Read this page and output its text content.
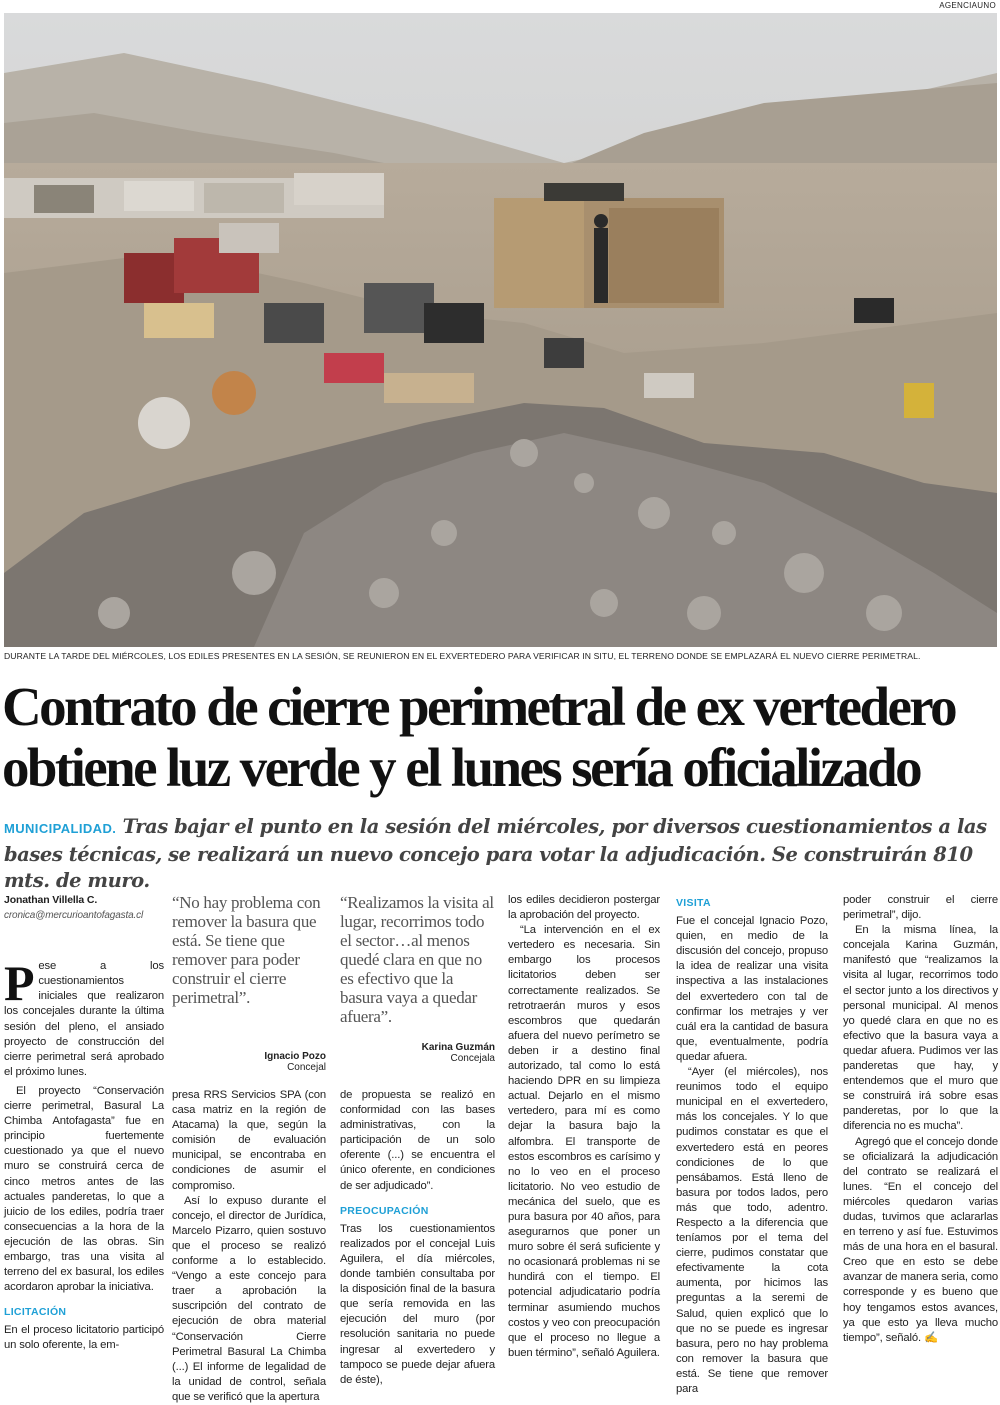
AGENCIAUNO
DURANTE LA TARDE DEL MIÉRCOLES, LOS EDILES PRESENTES EN LA SESIÓN, SE REUNIERON EN EL EXVERTEDERO PARA VERIFICAR IN SITU, EL TERRENO DONDE SE EMPLAZARÁ EL NUEVO CIERRE PERIMETRAL.
Contrato de cierre perimetral de ex vertedero
obtiene luz verde y el lunes sería oficializado
MUNICIPALIDAD. Tras bajar el punto en la sesión del miércoles, por diversos cuestionamientos a las bases técnicas, se realizará un nuevo concejo para votar la adjudicación. Se construirán 810 mts. de muro.
Jonathan Villella C.
cronica@mercurioantofagasta.cl

Pese a los cuestionamientos iniciales que realizaron los concejales durante la última sesión del pleno, el ansiado proyecto de construcción del cierre perimetral será aprobado el próximo lunes.

El proyecto “Conservación cierre perimetral, Basural La Chimba Antofagasta” fue en principio fuertemente cuestionado ya que el nuevo muro se construirá cerca de cinco metros antes de las actuales panderetas, lo que a juicio de los ediles, podría traer consecuencias a la hora de la ejecución de las obras. Sin embargo, tras una visita al terreno del ex basural, los ediles acordaron aprobar la iniciativa.

LICITACIÓN

En el proceso licitatorio participó un solo oferente, la em-

“No hay problema con remover la basura que está. Se tiene que remover para poder construir el cierre perimetral”.
Ignacio Pozo
Concejal
“Realizamos la visita al lugar, recorrimos todo el sector…al menos quedé clara en que no es efectivo que la basura vaya a quedar afuera”.
Karina Guzmán
Concejala

presa RRS Servicios SPA (con casa matriz en la región de Atacama) la que, según la comisión de evaluación municipal, se encontraba en condiciones de asumir el compromiso.

Así lo expuso durante el concejo, el director de Jurídica, Marcelo Pizarro, quien sostuvo que el proceso se realizó conforme a lo establecido. “Vengo a este concejo para traer a aprobación la suscripción del contrato de ejecución de obra material “Conservación Cierre Perimetral Basural La Chimba (...) El informe de legalidad de la unidad de control, señala que se verificó que la apertura

de propuesta se realizó en conformidad con las bases administrativas, con la participación de un solo oferente (...) se encuentra el único oferente, en condiciones de ser adjudicado”.

PREOCUPACIÓN

Tras los cuestionamientos realizados por el concejal Luis Aguilera, el día miércoles, donde también consultaba por la disposición final de la basura que sería removida en las ejecución del muro (por resolución sanitaria no puede ingresar al exvertedero y tampoco se puede dejar afuera de éste),

los ediles decidieron postergar la aprobación del proyecto.

“La intervención en el ex vertedero es necesaria. Sin embargo los procesos licitatorios deben ser correctamente realizados. Se retrotraerán muros y esos escombros que quedarán afuera del nuevo perímetro se deben ir a destino final autorizado, tal como lo está haciendo DPR en su limpieza actual. Dejarlo en el mismo vertedero, para mí es como dejar la basura bajo la alfombra. El transporte de estos escombros es carísimo y no lo veo en el proceso licitatorio. No veo estudio de mecánica del suelo, que es pura basura por 40 años, para asegurarnos que poner un muro sobre él será suficiente y no ocasionará problemas ni se hundirá con el tiempo. El potencial adjudicatario podría terminar asumiendo muchos costos y veo con preocupación que el proceso no llegue a buen término”, señaló Aguilera.

VISITA

Fue el concejal Ignacio Pozo, quien, en medio de la discusión del concejo, propuso la idea de realizar una visita inspectiva a las instalaciones del exvertedero con tal de confirmar los metrajes y ver cuál era la cantidad de basura que, eventualmente, podría quedar afuera.

“Ayer (el miércoles), nos reunimos todo el equipo municipal en el exvertedero, más los concejales. Y lo que pudimos constatar es que el exvertedero está en peores condiciones de lo que pensábamos. Está lleno de basura por todos lados, pero más que todo, adentro. Respecto a la diferencia que teníamos por el tema del cierre, pudimos constatar que efectivamente la cota aumenta, por hicimos las preguntas a la seremi de Salud, quien explicó que lo que no se puede es ingresar basura, pero no hay problema con remover la basura que está. Se tiene que remover para

poder construir el cierre perimetral”, dijo.

En la misma línea, la concejala Karina Guzmán, manifestó que “realizamos la visita al lugar, recorrimos todo el sector junto a los directivos y personal municipal. Al menos yo quedé clara en que no es efectivo que la basura vaya a quedar afuera. Pudimos ver las panderetas que hay, y entendemos que el muro que se construirá irá sobre esas panderetas, por lo que la diferencia no es mucha”.

Agregó que el concejo donde se oficializará la adjudicación del contrato se realizará el lunes. “En el concejo del miércoles quedaron varias dudas, tuvimos que aclararlas en terreno y así fue. Estuvimos más de una hora en el basural. Creo que en esto se debe avanzar de manera seria, como corresponde y es bueno que hoy tengamos estos avances, ya que esto ya lleva mucho tiempo”, señaló. ✍
